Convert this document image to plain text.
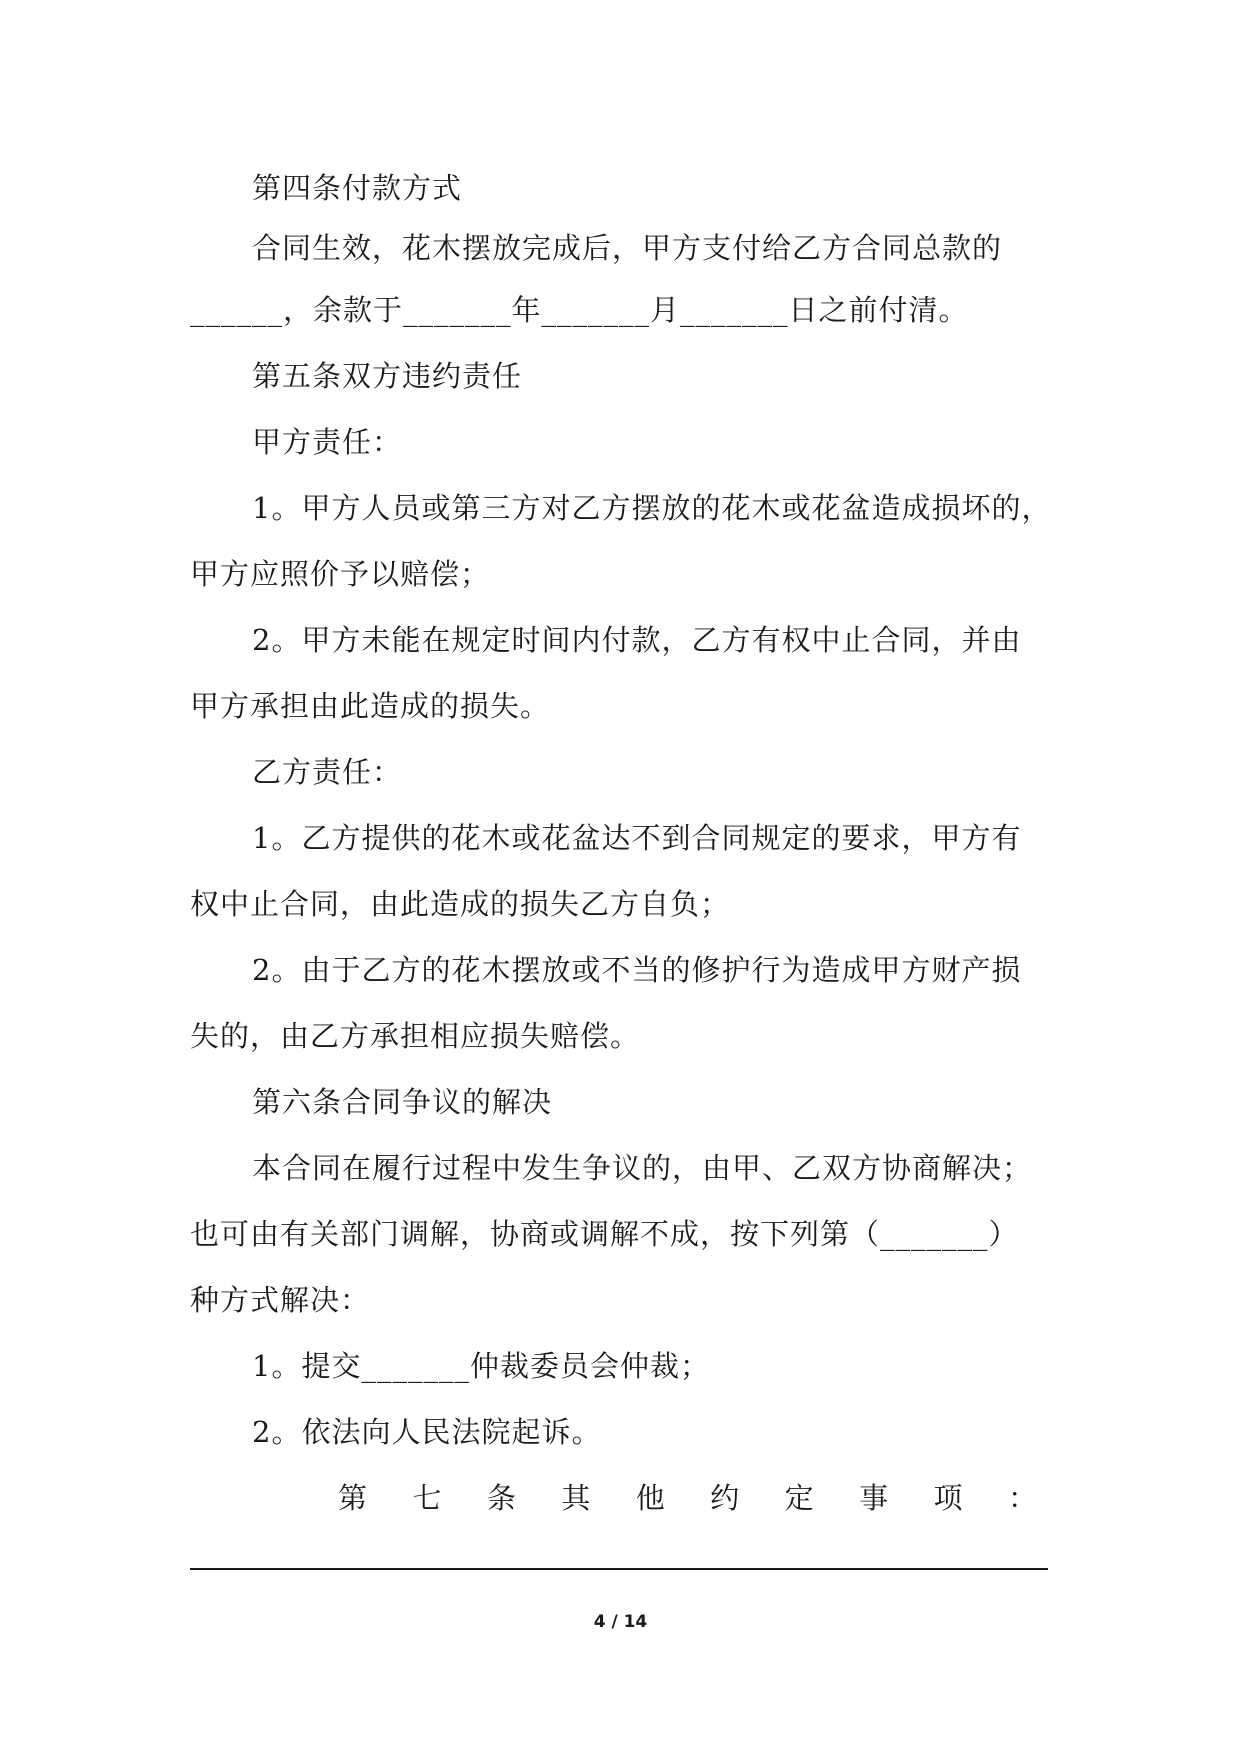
第四条付款方式
合同生效，花木摆放完成后，甲方支付给乙方合同总款的
______，余款于_______年_______月_______日之前付清。
第五条双方违约责任
甲方责任：
1。甲方人员或第三方对乙方摆放的花木或花盆造成损坏的，
甲方应照价予以赔偿；
2。甲方未能在规定时间内付款，乙方有权中止合同，并由
甲方承担由此造成的损失。
乙方责任：
1。乙方提供的花木或花盆达不到合同规定的要求，甲方有
权中止合同，由此造成的损失乙方自负；
2。由于乙方的花木摆放或不当的修护行为造成甲方财产损
失的，由乙方承担相应损失赔偿。
第六条合同争议的解决
本合同在履行过程中发生争议的，由甲、乙双方协商解决；
也可由有关部门调解，协商或调解不成，按下列第（_______）
种方式解决：
1。提交_______仲裁委员会仲裁；
2。依法向人民法院起诉。
第 七 条 其 他 约 定 事 项 ：
4 / 14
